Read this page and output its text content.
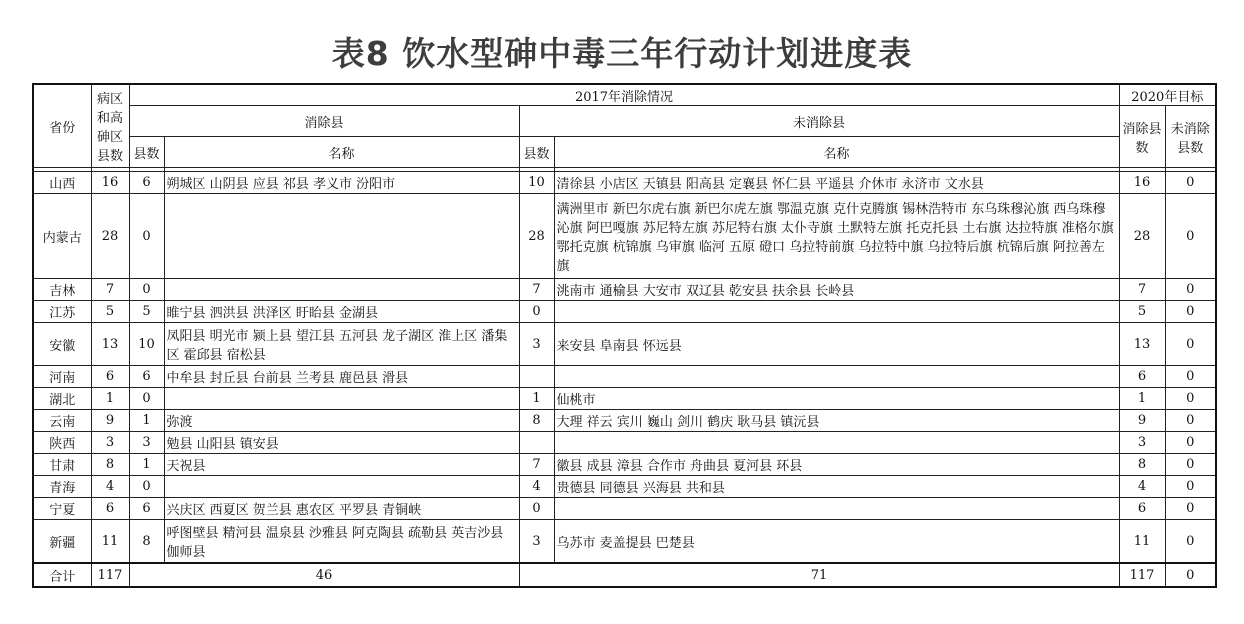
表8 饮水型砷中毒三年行动计划进度表
省份	病区和高砷区县数	2017年消除情况				2020年目标	
		消除县		未消除县		消除县数	未消除县数
		县数	名称	县数	名称		

山西	16	6	朔城区 山阴县 应县 祁县 孝义市 汾阳市	10	清徐县 小店区 天镇县 阳高县 定襄县 怀仁县 平遥县 介休市 永济市 文水县	16	0
内蒙古	28	0		28	满洲里市 新巴尔虎右旗 新巴尔虎左旗 鄂温克旗 克什克腾旗 锡林浩特市 东乌珠穆沁旗 西乌珠穆沁旗 阿巴嘎旗 苏尼特左旗 苏尼特右旗 太仆寺旗 土默特左旗 托克托县 土右旗 达拉特旗 准格尔旗 鄂托克旗 杭锦旗 乌审旗 临河 五原 磴口 乌拉特前旗 乌拉特中旗 乌拉特后旗 杭锦后旗 阿拉善左旗	28	0
吉林	7	0		7	洮南市 通榆县 大安市 双辽县 乾安县 扶余县 长岭县	7	0
江苏	5	5	睢宁县 泗洪县 洪泽区 盱眙县 金湖县	0		5	0
安徽	13	10	凤阳县 明光市 颍上县 望江县 五河县 龙子湖区 淮上区 潘集区 霍邱县 宿松县	3	来安县 阜南县 怀远县	13	0
河南	6	6	中牟县 封丘县 台前县 兰考县 鹿邑县 滑县			6	0
湖北	1	0		1	仙桃市	1	0
云南	9	1	弥渡	8	大理 祥云 宾川 巍山 剑川 鹤庆 耿马县 镇沅县	9	0
陕西	3	3	勉县 山阳县 镇安县			3	0
甘肃	8	1	天祝县	7	徽县 成县 漳县 合作市 舟曲县 夏河县 环县	8	0
青海	4	0		4	贵德县 同德县 兴海县 共和县	4	0
宁夏	6	6	兴庆区 西夏区 贺兰县 惠农区 平罗县 青铜峡	0		6	0
新疆	11	8	呼图壁县 精河县 温泉县 沙雅县 阿克陶县 疏勒县 英吉沙县 伽师县	3	乌苏市 麦盖提县 巴楚县	11	0
合计	117	46		71		117	0
